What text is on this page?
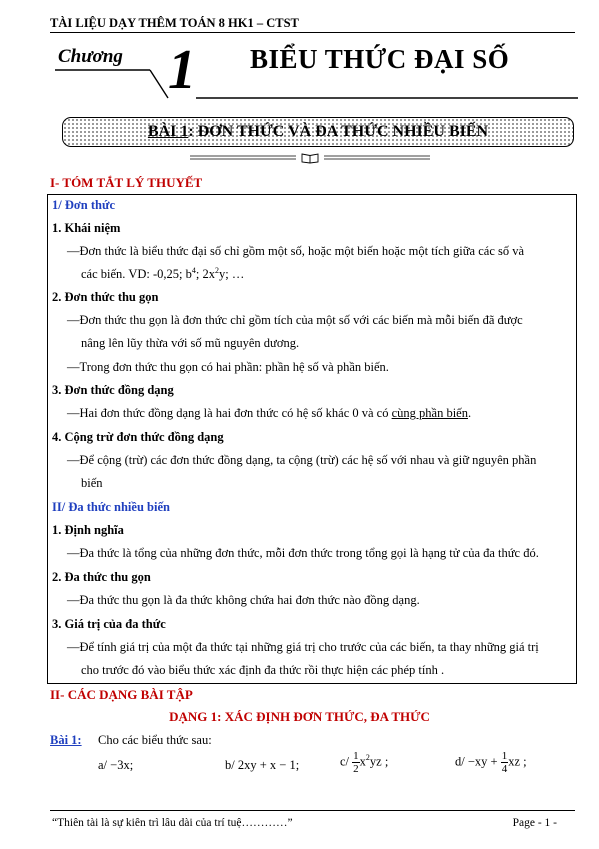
TÀI LIỆU DẠY THÊM TOÁN 8 HK1 – CTST
Chương 1 BIỂU THỨC ĐẠI SỐ
BÀI 1: ĐƠN THỨC VÀ ĐA THỨC NHIỀU BIẾN
I- TÓM TẮT LÝ THUYẾT
1/ Đơn thức
1. Khái niệm
—Đơn thức là biểu thức đại số chỉ gồm một số, hoặc một biến hoặc một tích giữa các số và
các biến. VD: -0,25; $b^4$; $2x^2y$; …
2. Đơn thức thu gọn
—Đơn thức thu gọn là đơn thức chỉ gồm tích của một số với các biến mà mỗi biến đã được
nâng lên lũy thừa với số mũ nguyên dương.
—Trong đơn thức thu gọn có hai phần: phần hệ số và phần biến.
3. Đơn thức đồng dạng
—Hai đơn thức đồng dạng là hai đơn thức có hệ số khác 0 và có cùng phần biến.
4. Cộng trừ đơn thức đồng dạng
—Để cộng (trừ) các đơn thức đồng dạng, ta cộng (trừ) các hệ số với nhau và giữ nguyên phần
biến
II/ Đa thức nhiều biến
1. Định nghĩa
—Đa thức là tổng của những đơn thức, mỗi đơn thức trong tổng gọi là hạng tử của đa thức đó.
2. Đa thức thu gọn
—Đa thức thu gọn là đa thức không chứa hai đơn thức nào đồng dạng.
3. Giá trị của đa thức
—Để tính giá trị của một đa thức tại những giá trị cho trước của các biến, ta thay những giá trị
cho trước đó vào biểu thức xác định đa thức rồi thực hiện các phép tính .
II- CÁC DẠNG BÀI TẬP
DẠNG 1: XÁC ĐỊNH ĐƠN THỨC, ĐA THỨC
Bài 1: Cho các biểu thức sau:
a/ −3x;	b/ 2xy + x − 1;	$c/ \frac{1}{2} x^2yz$ ;	$d/ -xy + \frac{1}{4}$ xz ;
“Thiên tài là sự kiên trì lâu dài của trí tuệ…………”	Page - 1 -
